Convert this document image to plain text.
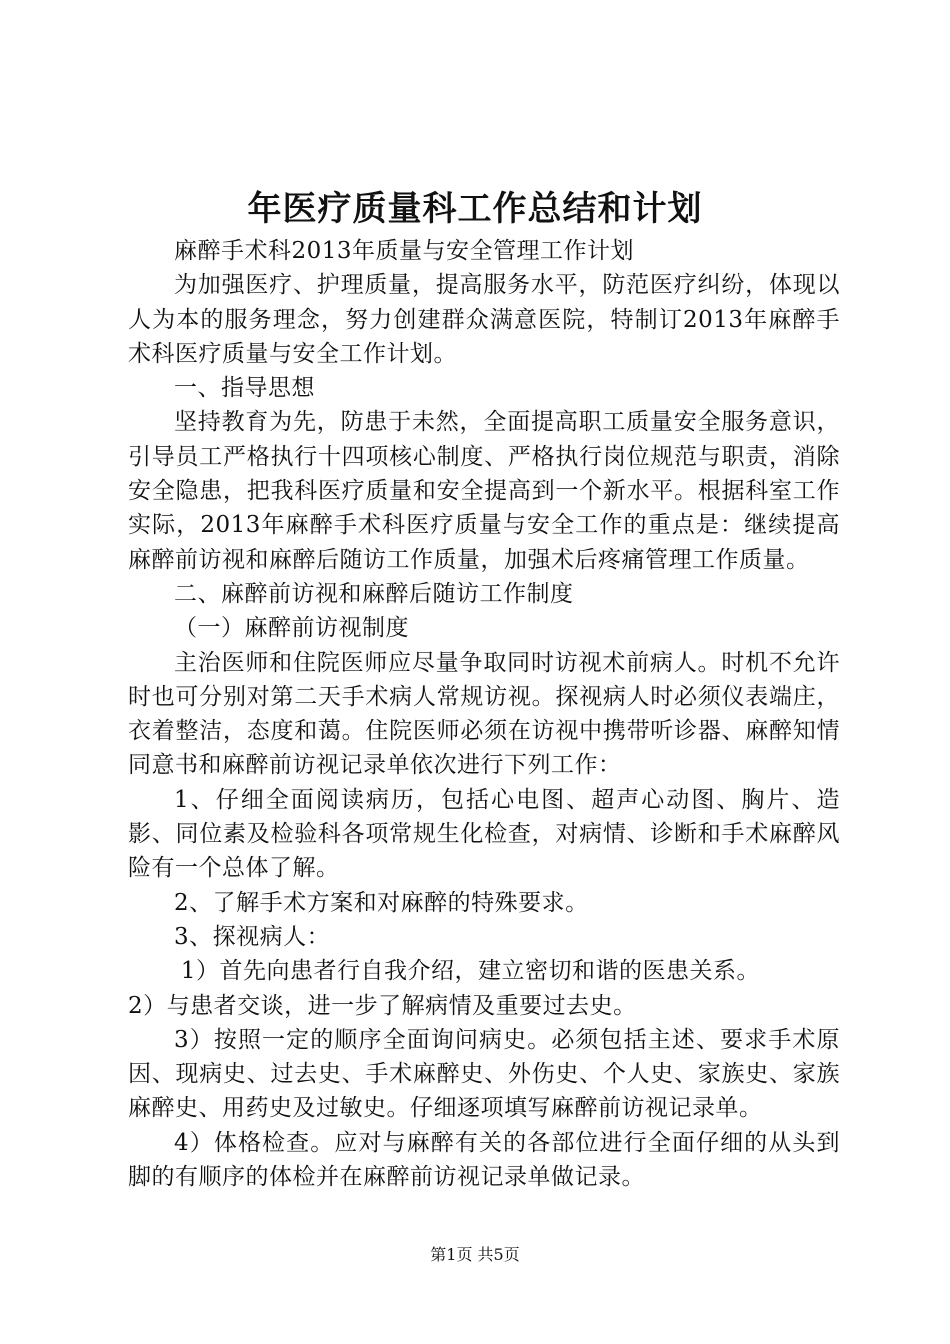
年医疗质量科工作总结和计划

麻醉手术科2013年质量与安全管理工作计划

为加强医疗、护理质量，提高服务水平，防范医疗纠纷，体现以人为本的服务理念，努力创建群众满意医院，特制订2013年麻醉手术科医疗质量与安全工作计划。

一、指导思想

坚持教育为先，防患于未然，全面提高职工质量安全服务意识，引导员工严格执行十四项核心制度、严格执行岗位规范与职责，消除安全隐患，把我科医疗质量和安全提高到一个新水平。根据科室工作实际，2013年麻醉手术科医疗质量与安全工作的重点是：继续提高麻醉前访视和麻醉后随访工作质量，加强术后疼痛管理工作质量。

二、麻醉前访视和麻醉后随访工作制度

（一）麻醉前访视制度

主治医师和住院医师应尽量争取同时访视术前病人。时机不允许时也可分别对第二天手术病人常规访视。探视病人时必须仪表端庄，衣着整洁，态度和蔼。住院医师必须在访视中携带听诊器、麻醉知情同意书和麻醉前访视记录单依次进行下列工作：

1、仔细全面阅读病历，包括心电图、超声心动图、胸片、造影、同位素及检验科各项常规生化检查，对病情、诊断和手术麻醉风险有一个总体了解。

2、了解手术方案和对麻醉的特殊要求。

3、探视病人：

1）首先向患者行自我介绍，建立密切和谐的医患关系。

2）与患者交谈，进一步了解病情及重要过去史。

3）按照一定的顺序全面询问病史。必须包括主述、要求手术原因、现病史、过去史、手术麻醉史、外伤史、个人史、家族史、家族麻醉史、用药史及过敏史。仔细逐项填写麻醉前访视记录单。

4）体格检查。应对与麻醉有关的各部位进行全面仔细的从头到脚的有顺序的体检并在麻醉前访视记录单做记录。

第1页 共5页
